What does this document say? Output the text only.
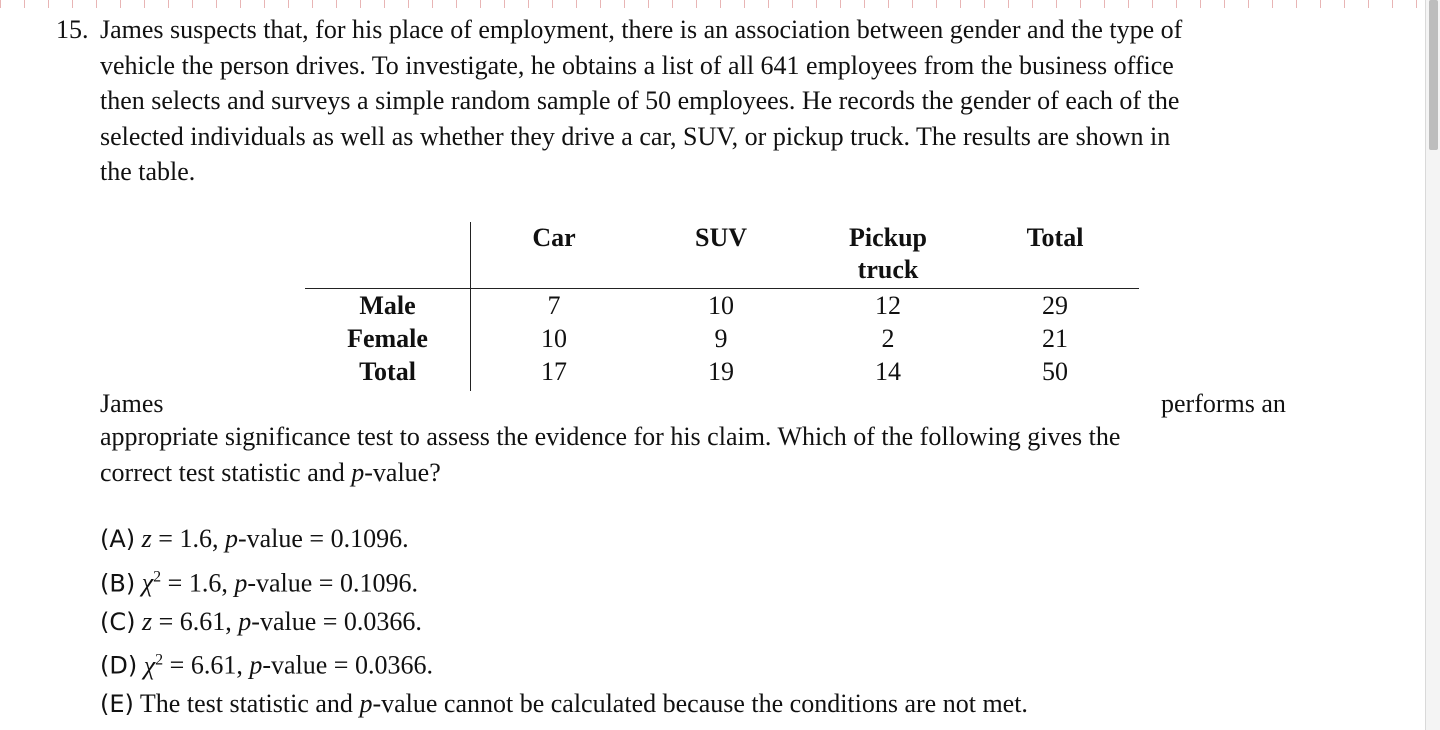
15. James suspects that, for his place of employment, there is an association between gender and the type of
vehicle the person drives. To investigate, he obtains a list of all 641 employees from the business office
then selects and surveys a simple random sample of 50 employees. He records the gender of each of the
selected individuals as well as whether they drive a car, SUV, or pickup truck. The results are shown in
the table.
	Car	SUV	Pickup
truck	Total
Male	7	10	12	29
Female	10	9	2	21
Total	17	19	14	50
James	performs an
appropriate significance test to assess the evidence for his claim. Which of the following gives the
correct test statistic and p-value?
(A) z = 1.6, p-value = 0.1096.
(B) $\chi^2 = 1.6$, p-value = 0.1096.
(C) z = 6.61, p-value = 0.0366.
(D) $\chi^2 = 6.61$, p-value = 0.0366.
(E) The test statistic and p-value cannot be calculated because the conditions are not met.
